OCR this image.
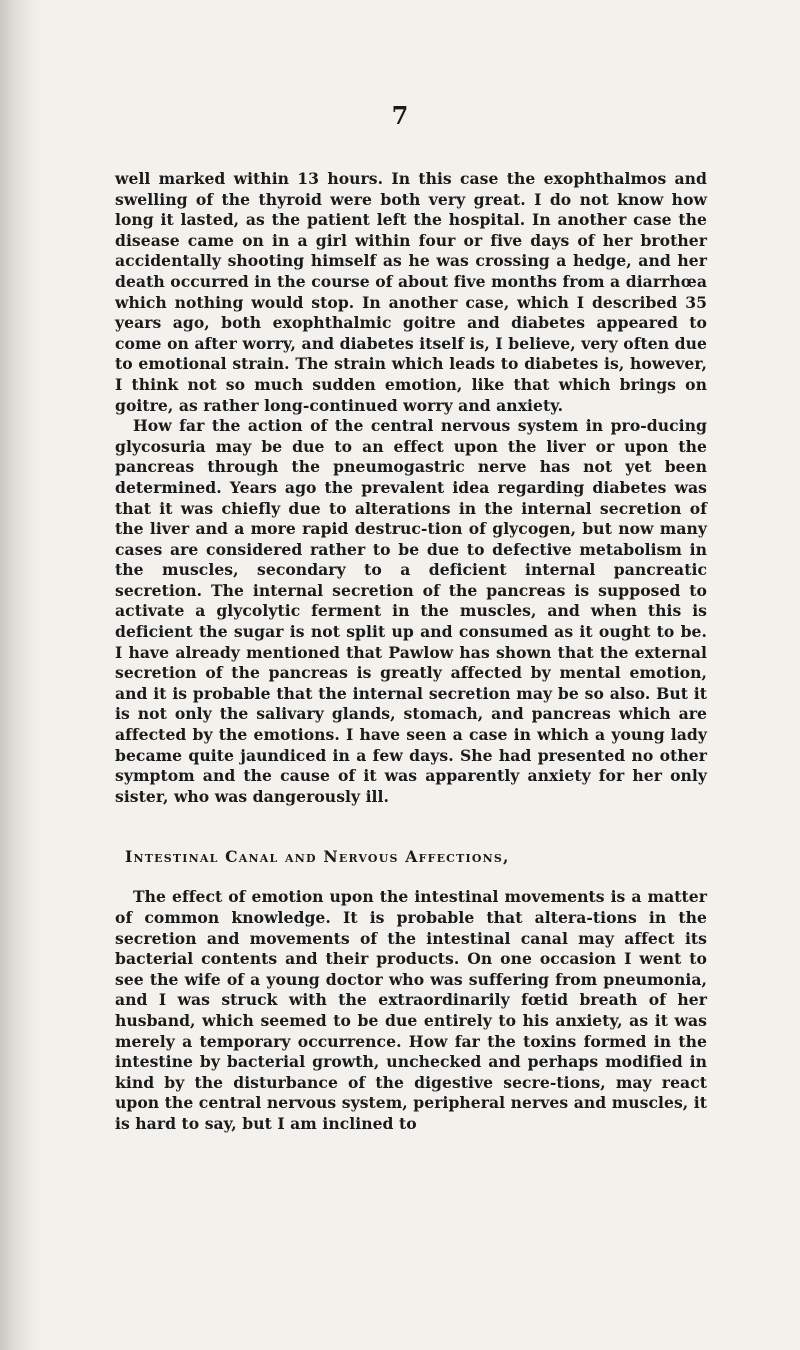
7

well marked within 13 hours. In this case the exophthalmos and swelling of the thyroid were both very great. I do not know how long it lasted, as the patient left the hospital. In another case the disease came on in a girl within four or five days of her brother accidentally shooting himself as he was crossing a hedge, and her death occurred in the course of about five months from a diarrhœa which nothing would stop. In another case, which I described 35 years ago, both exophthalmic goitre and diabetes appeared to come on after worry, and diabetes itself is, I believe, very often due to emotional strain. The strain which leads to diabetes is, however, I think not so much sudden emotion, like that which brings on goitre, as rather long-continued worry and anxiety.

How far the action of the central nervous system in pro-ducing glycosuria may be due to an effect upon the liver or upon the pancreas through the pneumogastric nerve has not yet been determined. Years ago the prevalent idea regarding diabetes was that it was chiefly due to alterations in the internal secretion of the liver and a more rapid destruc-tion of glycogen, but now many cases are considered rather to be due to defective metabolism in the muscles, secondary to a deficient internal pancreatic secretion. The internal secretion of the pancreas is supposed to activate a glycolytic ferment in the muscles, and when this is deficient the sugar is not split up and consumed as it ought to be. I have already mentioned that Pawlow has shown that the external secretion of the pancreas is greatly affected by mental emotion, and it is probable that the internal secretion may be so also. But it is not only the salivary glands, stomach, and pancreas which are affected by the emotions. I have seen a case in which a young lady became quite jaundiced in a few days. She had presented no other symptom and the cause of it was apparently anxiety for her only sister, who was dangerously ill.

Intestinal Canal and Nervous Affections,

The effect of emotion upon the intestinal movements is a matter of common knowledge. It is probable that altera-tions in the secretion and movements of the intestinal canal may affect its bacterial contents and their products. On one occasion I went to see the wife of a young doctor who was suffering from pneumonia, and I was struck with the extraordinarily fœtid breath of her husband, which seemed to be due entirely to his anxiety, as it was merely a temporary occurrence. How far the toxins formed in the intestine by bacterial growth, unchecked and perhaps modified in kind by the disturbance of the digestive secre-tions, may react upon the central nervous system, peripheral nerves and muscles, it is hard to say, but I am inclined to
